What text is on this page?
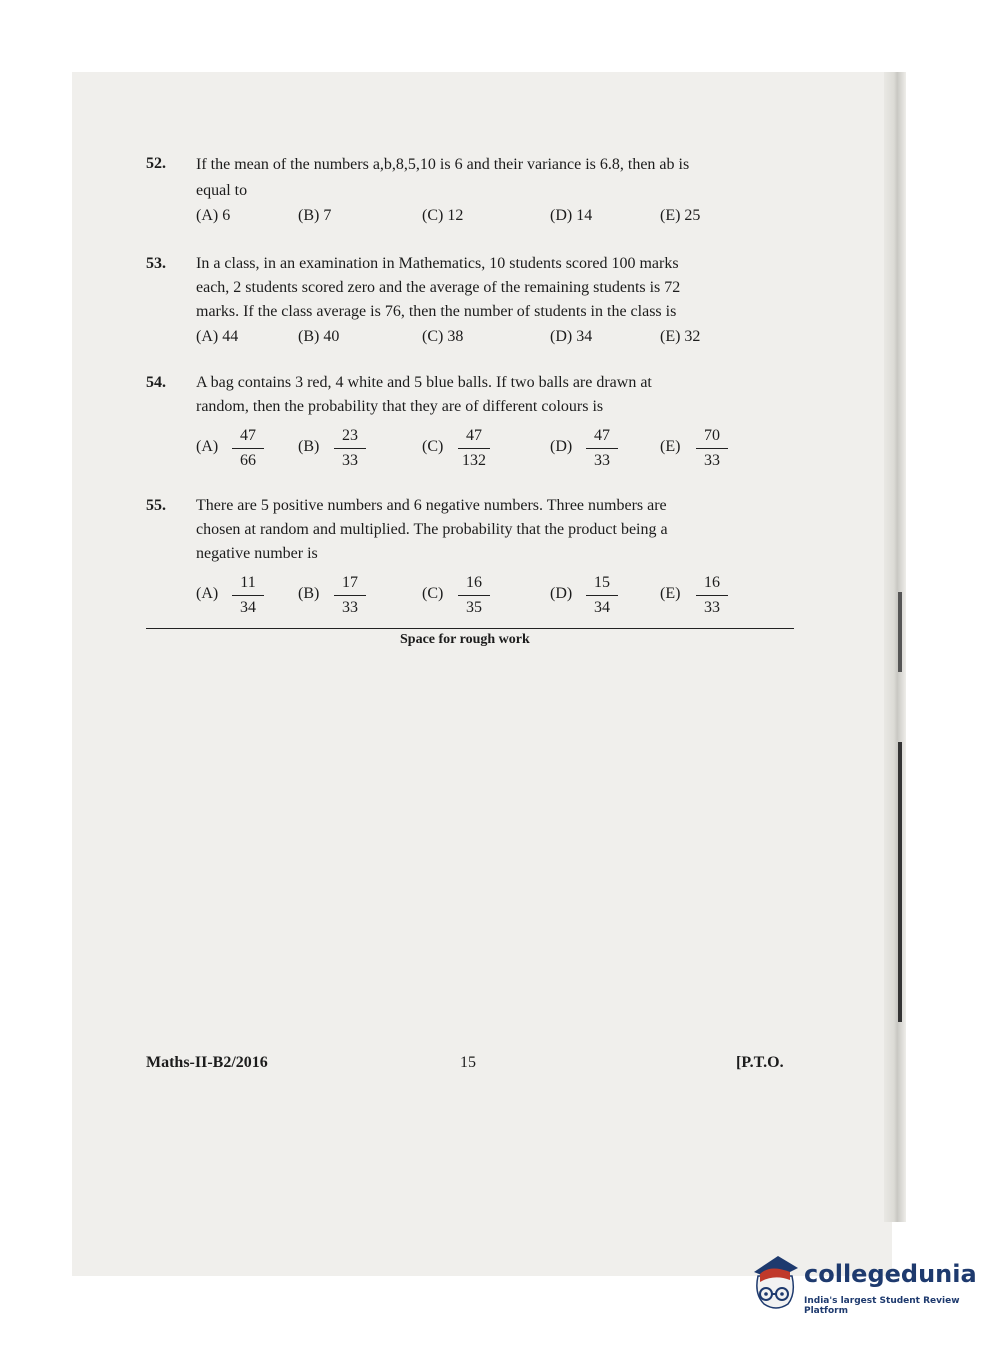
52. If the mean of the numbers a,b,8,5,10 is 6 and their variance is 6.8, then ab is
equal to
(A) 6	(B) 7	(C) 12	(D) 14	(E) 25
53. In a class, in an examination in Mathematics, 10 students scored 100 marks
each, 2 students scored zero and the average of the remaining students is 72
marks. If the class average is 76, then the number of students in the class is
(A) 44	(B) 40	(C) 38	(D) 34	(E) 32
54. A bag contains 3 red, 4 white and 5 blue balls. If two balls are drawn at
random, then the probability that they are of different colours is
(A)
47
66
(B)
23
33
(C)
47
132
(D)
47
33
(E)
70
33
55. There are 5 positive numbers and 6 negative numbers. Three numbers are
chosen at random and multiplied. The probability that the product being a
negative number is
(A)
11
34
(B)
17
33
(C)
16
35
(D)
15
34
(E)
16
33
Space for rough work
Maths-II-B2/2016	15	[P.T.O.
collegedunia
India's largest Student Review Platform
